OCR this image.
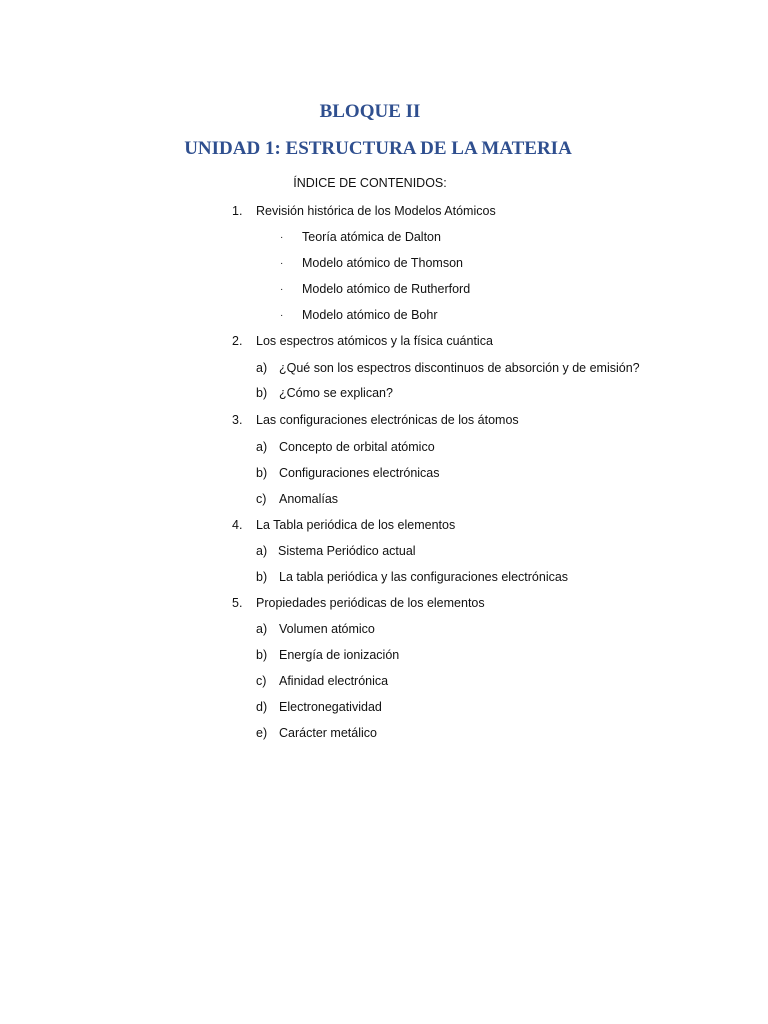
BLOQUE II
UNIDAD 1: ESTRUCTURA DE LA MATERIA
ÍNDICE DE CONTENIDOS:
1. Revisión histórica de los Modelos Atómicos
· Teoría atómica de Dalton
· Modelo atómico de Thomson
· Modelo atómico de Rutherford
· Modelo atómico de Bohr
2. Los espectros atómicos y la física cuántica
a) ¿Qué son los espectros discontinuos de absorción y de emisión?
b) ¿Cómo se explican?
3. Las configuraciones electrónicas de los átomos
a) Concepto de orbital atómico
b) Configuraciones electrónicas
c) Anomalías
4. La Tabla periódica de los elementos
a) Sistema Periódico actual
b) La tabla periódica y las configuraciones electrónicas
5. Propiedades periódicas de los elementos
a) Volumen atómico
b) Energía de ionización
c) Afinidad electrónica
d) Electronegatividad
e) Carácter metálico
